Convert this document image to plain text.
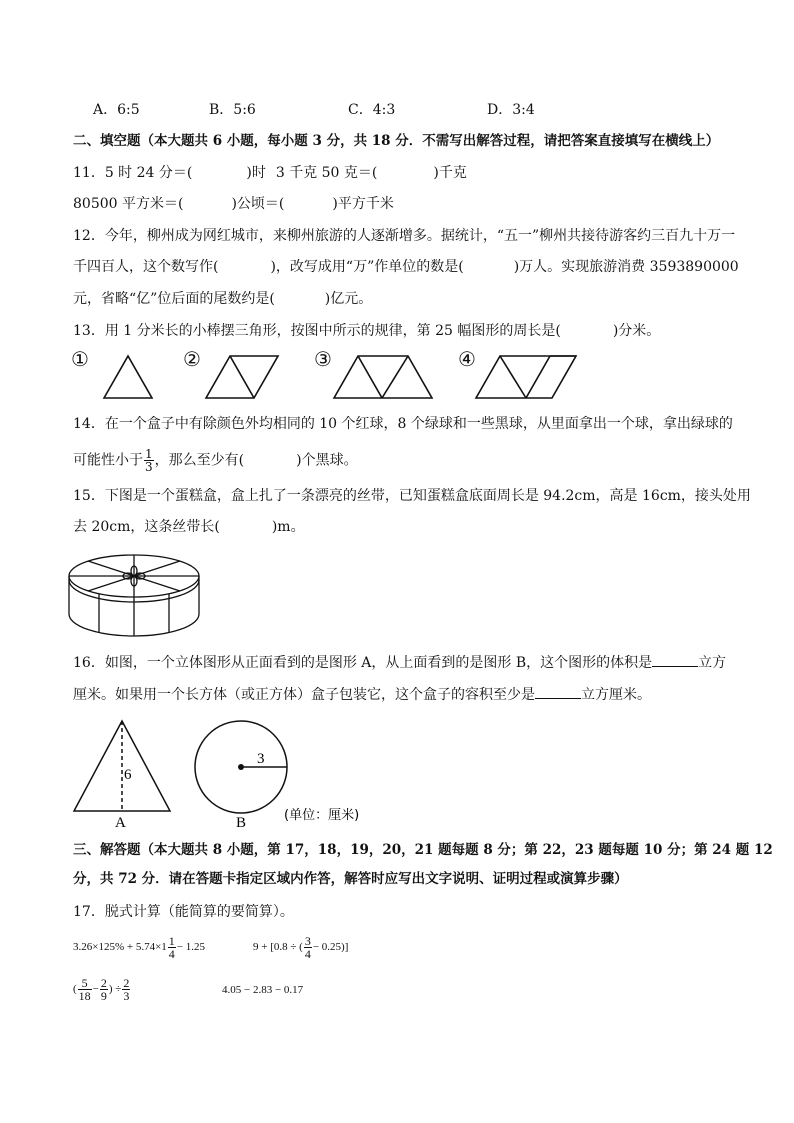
A．6:5	B．5:6	C．4:3	D．3:4
二、填空题（本大题共 6 小题，每小题 3 分，共 18 分．不需写出解答过程，请把答案直接填写在横线上）
11．5 时 24 分＝(	)时 3 千克 50 克＝(	)千克
80500 平方米＝(	)公顷＝(	)平方千米
12．今年，柳州成为网红城市，来柳州旅游的人逐渐增多。据统计，“五一”柳州共接待游客约三百九十万一
千四百人，这个数写作(	)，改写成用“万”作单位的数是(	)万人。实现旅游消费 3593890000
元，省略“亿”位后面的尾数约是(	)亿元。
13．用 1 分米长的小棒摆三角形，按图中所示的规律，第 25 幅图形的周长是(	)分米。
①	②	③	④
14．在一个盒子中有除颜色外均相同的 10 个红球，8 个绿球和一些黑球，从里面拿出一个球，拿出绿球的
可能性小于 $\frac{1}{3}$ ，那么至少有(	)个黑球。
15．下图是一个蛋糕盒，盒上扎了一条漂亮的丝带，已知蛋糕盒底面周长是 94.2cm，高是 16cm，接头处用
去 20cm，这条丝带长(	)m。
16．如图，一个立体图形从正面看到的是图形 A，从上面看到的是图形 B，这个图形的体积是	立方
厘米。如果用一个长方体（或正方体）盒子包装它，这个盒子的容积至少是	立方厘米。
6
A
3
B	(单位：厘米)
三、解答题（本大题共 8 小题，第 17，18，19，20，21 题每题 8 分；第 22，23 题每题 10 分；第 24 题 12
分，共 72 分．请在答题卡指定区域内作答，解答时应写出文字说明、证明过程或演算步骤）
17．脱式计算（能简算的要简算）。
$3.26\times 125\% + 5.74\times 1 \frac{1}{4} - 1.25$	9 + [0.8 ÷ ( $\frac{3}{4} - 0.25$)]
( $\frac{5}{18} - \frac{2}{9}$ ) ÷ $\frac{2}{3}$	4.05 − 2.83 − 0.17
